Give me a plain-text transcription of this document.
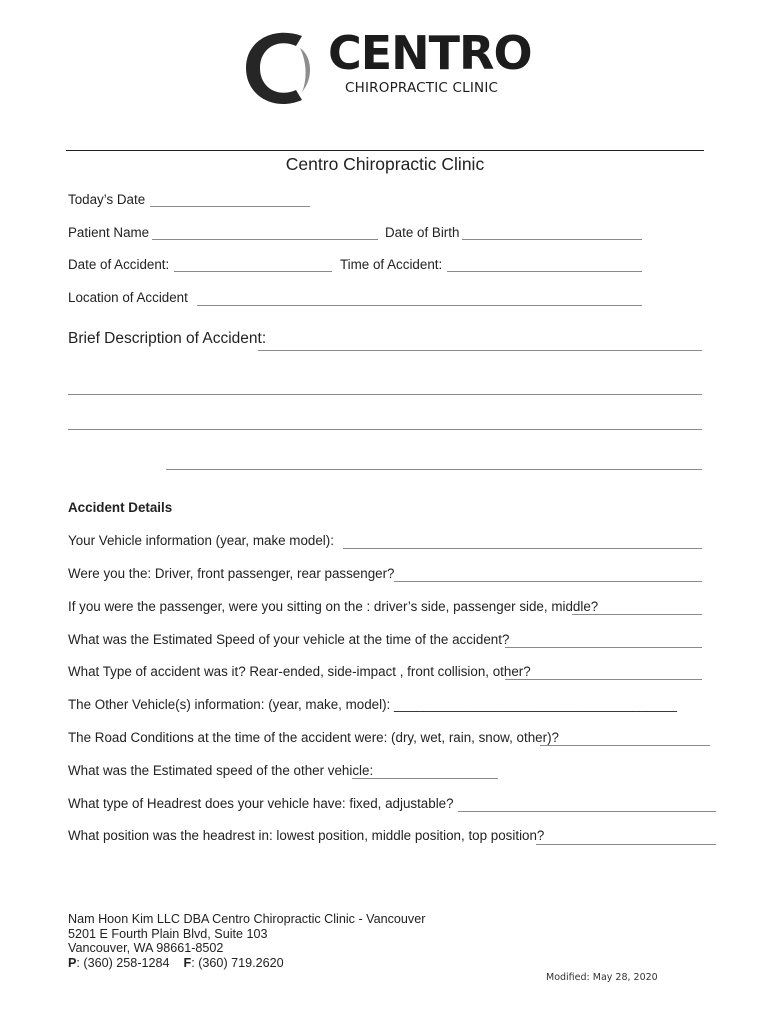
CENTRO
CHIROPRACTIC CLINIC
Centro Chiropractic Clinic
Today’s Date
Patient Name	Date of Birth
Date of Accident:	Time of Accident:
Location of Accident
Brief Description of Accident:
Accident Details
Your Vehicle information (year, make model):
Were you the: Driver, front passenger, rear passenger?
If you were the passenger, were you sitting on the : driver’s side, passenger side, middle?
What was the Estimated Speed of your vehicle at the time of the accident?
What Type of accident was it? Rear-ended, side-impact , front collision, other?
The Other Vehicle(s) information: (year, make, model): ______________________________________
The Road Conditions at the time of the accident were: (dry, wet, rain, snow, other)?
What was the Estimated speed of the other vehicle:
What type of Headrest does your vehicle have: fixed, adjustable?
What position was the headrest in: lowest position, middle position, top position?
Nam Hoon Kim LLC DBA Centro Chiropractic Clinic - Vancouver
5201 E Fourth Plain Blvd, Suite 103
Vancouver, WA 98661-8502
P: (360) 258-1284 F: (360) 719.2620
Modified: May 28, 2020
